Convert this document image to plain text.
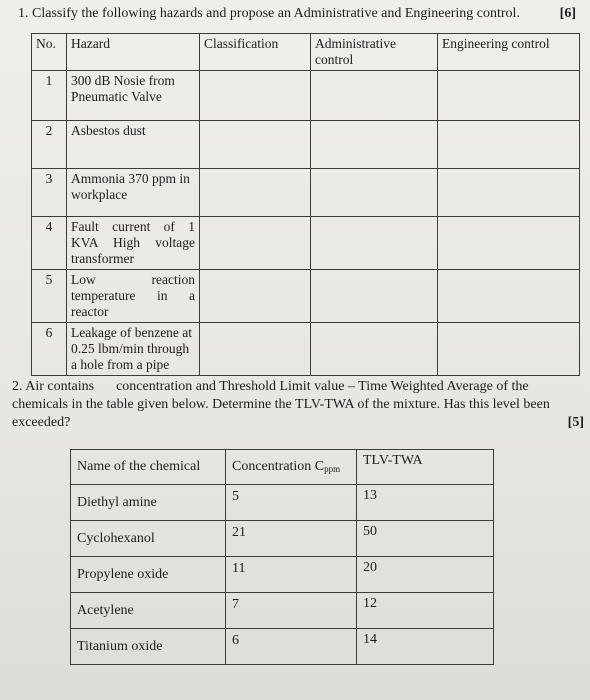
1. Classify the following hazards and propose an Administrative and Engineering control.	[6]
No.	Hazard	Classification	Administrative control	Engineering control
1	300 dB Nosie from Pneumatic Valve			
2	Asbestos dust			
3	Ammonia 370 ppm in workplace			
4	Fault current of 1 KVA High voltage transformer			
5	Low reaction temperature in a reactor			
6	Leakage of benzene at 0.25 lbm/min through a hole from a pipe			
2. Air contains concentration and Threshold Limit value – Time Weighted Average of the chemicals in the table given below. Determine the TLV-TWA of the mixture. Has this level been exceeded?	[5]
Name of the chemical	Concentration $C_{ppm}$	TLV-TWA
Diethyl amine	5	13
Cyclohexanol	21	50
Propylene oxide	11	20
Acetylene	7	12
Titanium oxide	6	14
